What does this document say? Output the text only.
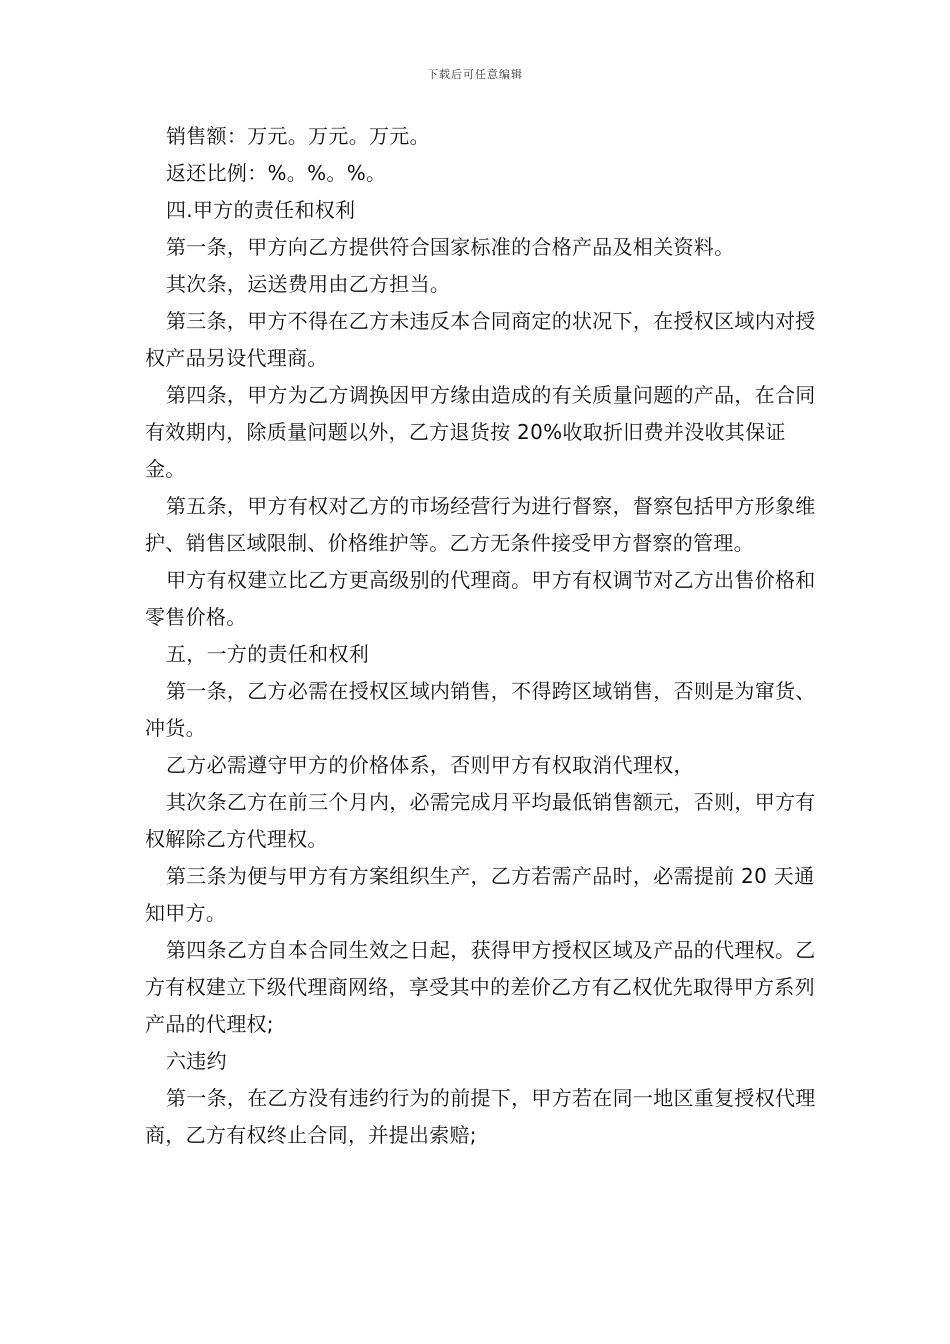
下载后可任意编辑

销售额：万元。万元。万元。

返还比例：%。%。%。

四.甲方的责任和权利

第一条，甲方向乙方提供符合国家标准的合格产品及相关资料。

其次条，运送费用由乙方担当。

第三条，甲方不得在乙方未违反本合同商定的状况下，在授权区域内对授权产品另设代理商。

第四条，甲方为乙方调换因甲方缘由造成的有关质量问题的产品，在合同有效期内，除质量问题以外，乙方退货按 20%收取折旧费并没收其保证金。

第五条，甲方有权对乙方的市场经营行为进行督察，督察包括甲方形象维护、销售区域限制、价格维护等。乙方无条件接受甲方督察的管理。

甲方有权建立比乙方更高级别的代理商。甲方有权调节对乙方出售价格和零售价格。

五，一方的责任和权利

第一条，乙方必需在授权区域内销售，不得跨区域销售，否则是为窜货、冲货。

乙方必需遵守甲方的价格体系，否则甲方有权取消代理权，

其次条乙方在前三个月内，必需完成月平均最低销售额元，否则，甲方有权解除乙方代理权。

第三条为便与甲方有方案组织生产，乙方若需产品时，必需提前 20 天通知甲方。

第四条乙方自本合同生效之日起，获得甲方授权区域及产品的代理权。乙方有权建立下级代理商网络，享受其中的差价乙方有乙权优先取得甲方系列产品的代理权;

六违约

第一条，在乙方没有违约行为的前提下，甲方若在同一地区重复授权代理商，乙方有权终止合同，并提出索赔;
